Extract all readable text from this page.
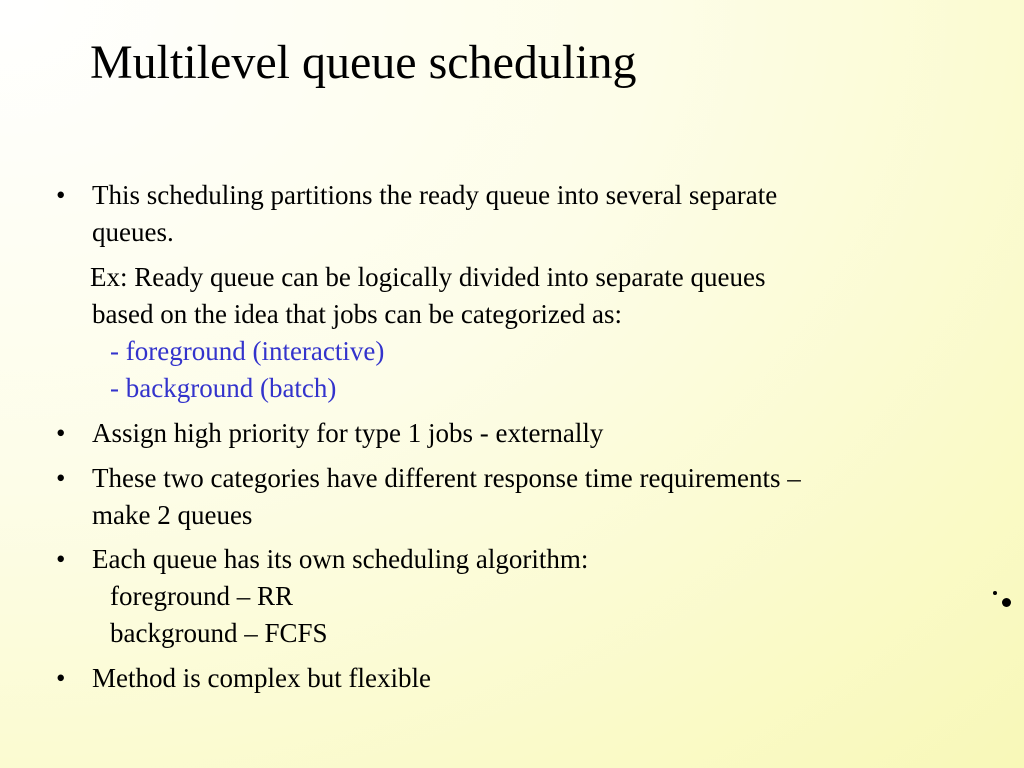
Multilevel queue scheduling
• This scheduling partitions the ready queue into several separate
queues.
Ex: Ready queue can be logically divided into separate queues
based on the idea that jobs can be categorized as:
- foreground (interactive)
- background (batch)
• Assign high priority for type 1 jobs - externally
• These two categories have different response time requirements –
make 2 queues
• Each queue has its own scheduling algorithm:
foreground – RR
background – FCFS
• Method is complex but flexible
